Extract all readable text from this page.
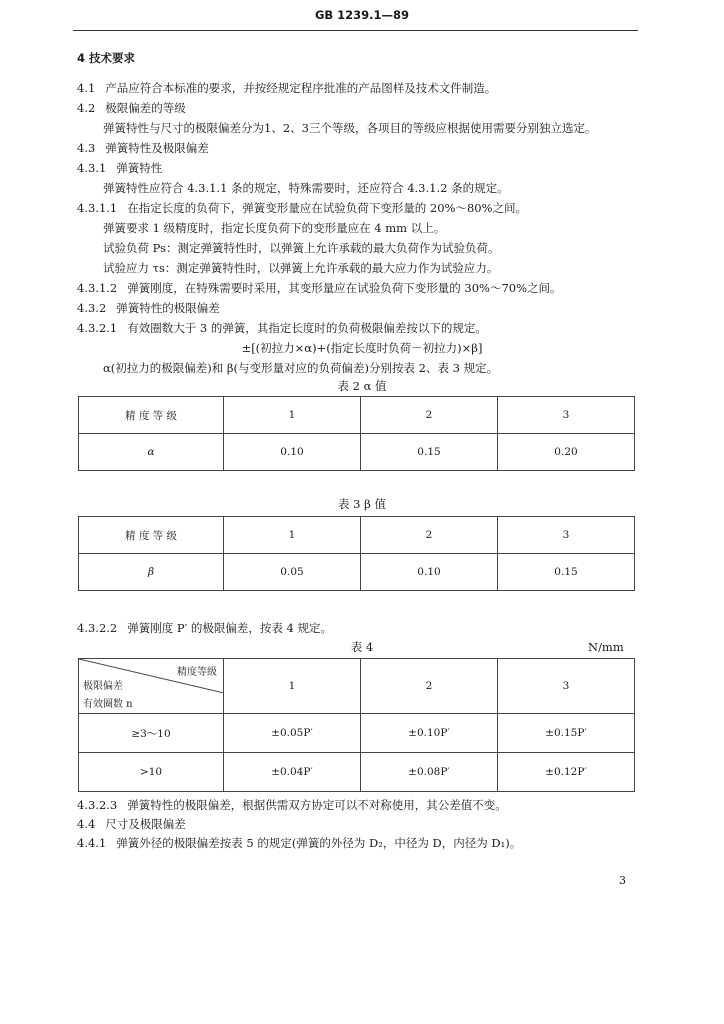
GB 1239.1—89
4 技术要求
4.1 产品应符合本标准的要求，并按经规定程序批准的产品图样及技术文件制造。
4.2 极限偏差的等级
弹簧特性与尺寸的极限偏差分为1、2、3三个等级，各项目的等级应根据使用需要分别独立选定。
4.3 弹簧特性及极限偏差
4.3.1 弹簧特性
弹簧特性应符合 4.3.1.1 条的规定，特殊需要时，还应符合 4.3.1.2 条的规定。
4.3.1.1 在指定长度的负荷下，弹簧变形量应在试验负荷下变形量的 20%～80%之间。
弹簧要求 1 级精度时，指定长度负荷下的变形量应在 4 mm 以上。
试验负荷 Ps：测定弹簧特性时，以弹簧上允许承载的最大负荷作为试验负荷。
试验应力 τs：测定弹簧特性时，以弹簧上允许承载的最大应力作为试验应力。
4.3.1.2 弹簧刚度，在特殊需要时采用，其变形量应在试验负荷下变形量的 30%～70%之间。
4.3.2 弹簧特性的极限偏差
4.3.2.1 有效圈数大于 3 的弹簧，其指定长度时的负荷极限偏差按以下的规定。
±[(初拉力×α)+(指定长度时负荷－初拉力)×β]
α(初拉力的极限偏差)和 β(与变形量对应的负荷偏差)分别按表 2、表 3 规定。
表 2 α 值
精 度 等 级	1	2	3
α	0.10	0.15	0.20
表 3 β 值
精 度 等 级	1	2	3
β	0.05	0.10	0.15
4.3.2.2 弹簧刚度 P′ 的极限偏差，按表 4 规定。
表 4	N/mm
精度等级
极限偏差
有效圈数 n	1	2	3
≥3～10	±0.05P′	±0.10P′	±0.15P′
>10	±0.04P′	±0.08P′	±0.12P′
4.3.2.3 弹簧特性的极限偏差，根据供需双方协定可以不对称使用，其公差值不变。
4.4 尺寸及极限偏差
4.4.1 弹簧外径的极限偏差按表 5 的规定(弹簧的外径为 D₂，中径为 D，内径为 D₁)。
3
